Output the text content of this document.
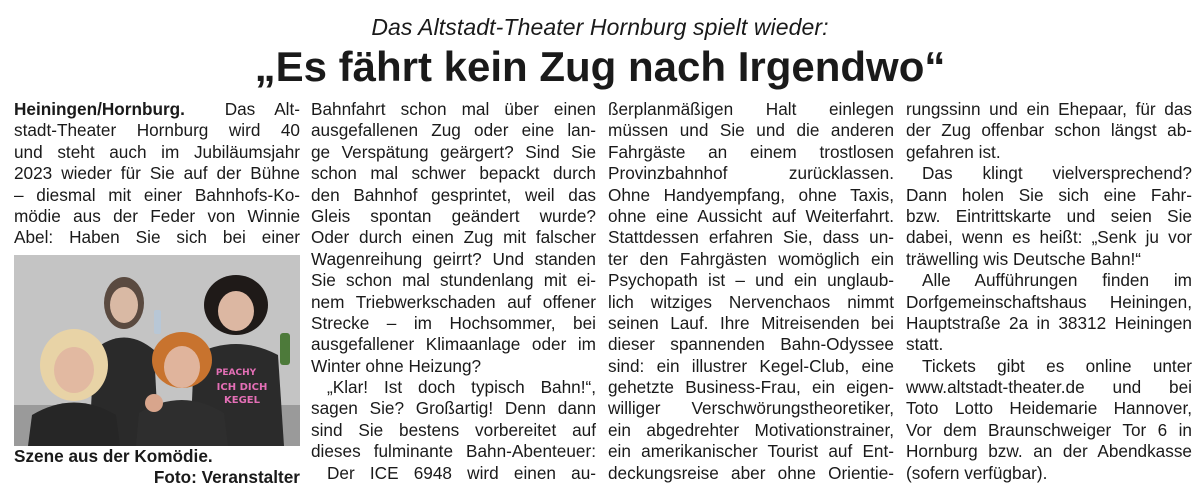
Das Altstadt-Theater Hornburg spielt wieder:
„Es fährt kein Zug nach Irgendwo“
Heiningen/Hornburg. Das Alt-
stadt-Theater Hornburg wird 40
und steht auch im Jubiläumsjahr
2023 wieder für Sie auf der Bühne
– diesmal mit einer Bahnhofs-Ko-
mödie aus der Feder von Winnie
Abel: Haben Sie sich bei einer
PEACHY
ICH DICH
KEGEL
Szene aus der Komödie.
Foto: Veranstalter
Bahnfahrt schon mal über einen
ausgefallenen Zug oder eine lan-
ge Verspätung geärgert? Sind Sie
schon mal schwer bepackt durch
den Bahnhof gesprintet, weil das
Gleis spontan geändert wurde?
Oder durch einen Zug mit falscher
Wagenreihung geirrt? Und standen
Sie schon mal stundenlang mit ei-
nem Triebwerkschaden auf offener
Strecke – im Hochsommer, bei
ausgefallener Klimaanlage oder im
Winter ohne Heizung?
„Klar! Ist doch typisch Bahn!“,
sagen Sie? Großartig! Denn dann
sind Sie bestens vorbereitet auf
dieses fulminante Bahn-Abenteuer:
Der ICE 6948 wird einen au-
ßerplanmäßigen Halt einlegen
müssen und Sie und die anderen
Fahrgäste an einem trostlosen
Provinzbahnhof zurücklassen.
Ohne Handyempfang, ohne Taxis,
ohne eine Aussicht auf Weiterfahrt.
Stattdessen erfahren Sie, dass un-
ter den Fahrgästen womöglich ein
Psychopath ist – und ein unglaub-
lich witziges Nervenchaos nimmt
seinen Lauf. Ihre Mitreisenden bei
dieser spannenden Bahn-Odyssee
sind: ein illustrer Kegel-Club, eine
gehetzte Business-Frau, ein eigen-
williger Verschwörungstheoretiker,
ein abgedrehter Motivationstrainer,
ein amerikanischer Tourist auf Ent-
deckungsreise aber ohne Orientie-
rungssinn und ein Ehepaar, für das
der Zug offenbar schon längst ab-
gefahren ist.
Das klingt vielversprechend?
Dann holen Sie sich eine Fahr-
bzw. Eintrittskarte und seien Sie
dabei, wenn es heißt: „Senk ju vor
träwelling wis Deutsche Bahn!“
Alle Aufführungen finden im
Dorfgemeinschaftshaus Heiningen,
Hauptstraße 2a in 38312 Heiningen
statt.
Tickets gibt es online unter
www.altstadt-theater.de und bei
Toto Lotto Heidemarie Hannover,
Vor dem Braunschweiger Tor 6 in
Hornburg bzw. an der Abendkasse
(sofern verfügbar).
